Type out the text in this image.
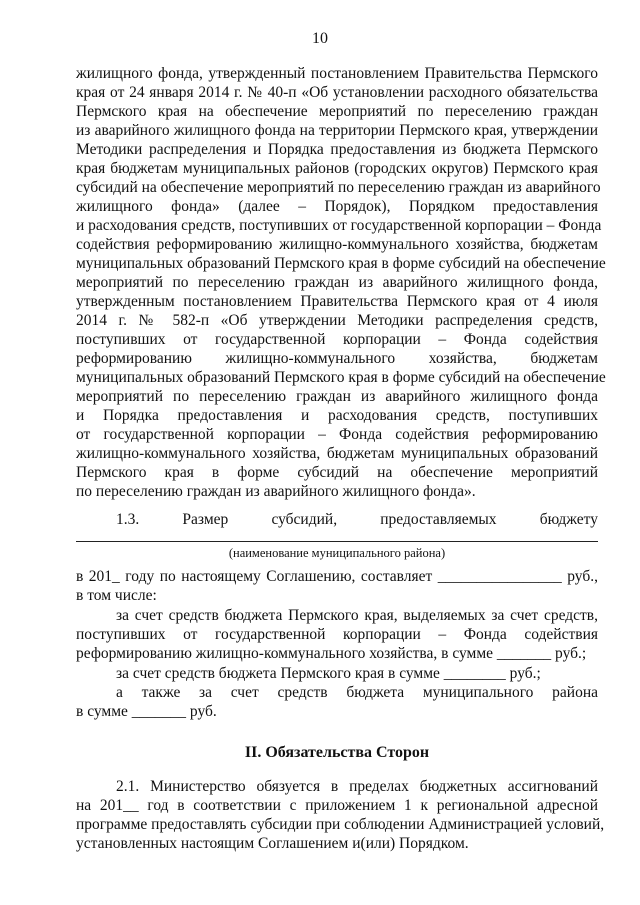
10
жилищного фонда, утвержденный постановлением Правительства Пермского
края от 24 января 2014 г. № 40-п «Об установлении расходного обязательства
Пермского края на обеспечение мероприятий по переселению граждан
из аварийного жилищного фонда на территории Пермского края, утверждении
Методики распределения и Порядка предоставления из бюджета Пермского
края бюджетам муниципальных районов (городских округов) Пермского края
субсидий на обеспечение мероприятий по переселению граждан из аварийного
жилищного фонда» (далее – Порядок), Порядком предоставления
и расходования средств, поступивших от государственной корпорации – Фонда
содействия реформированию жилищно-коммунального хозяйства, бюджетам
муниципальных образований Пермского края в форме субсидий на обеспечение
мероприятий по переселению граждан из аварийного жилищного фонда,
утвержденным постановлением Правительства Пермского края от 4 июля
2014 г. № 582-п «Об утверждении Методики распределения средств,
поступивших от государственной корпорации – Фонда содействия
реформированию жилищно-коммунального хозяйства, бюджетам
муниципальных образований Пермского края в форме субсидий на обеспечение
мероприятий по переселению граждан из аварийного жилищного фонда
и Порядка предоставления и расходования средств, поступивших
от государственной корпорации – Фонда содействия реформированию
жилищно-коммунального хозяйства, бюджетам муниципальных образований
Пермского края в форме субсидий на обеспечение мероприятий
по переселению граждан из аварийного жилищного фонда».
1.3. Размер субсидий, предоставляемых бюджету
(наименование муниципального района)
в 201_ году по настоящему Соглашению, составляет ________________ руб.,
в том числе:
за счет средств бюджета Пермского края, выделяемых за счет средств,
поступивших от государственной корпорации – Фонда содействия
реформированию жилищно-коммунального хозяйства, в сумме _______ руб.;
за счет средств бюджета Пермского края в сумме ________ руб.;
а также за счет средств бюджета муниципального района
в сумме _______ руб.
II. Обязательства Сторон
2.1. Министерство обязуется в пределах бюджетных ассигнований
на 201__ год в соответствии с приложением 1 к региональной адресной
программе предоставлять субсидии при соблюдении Администрацией условий,
установленных настоящим Соглашением и(или) Порядком.
